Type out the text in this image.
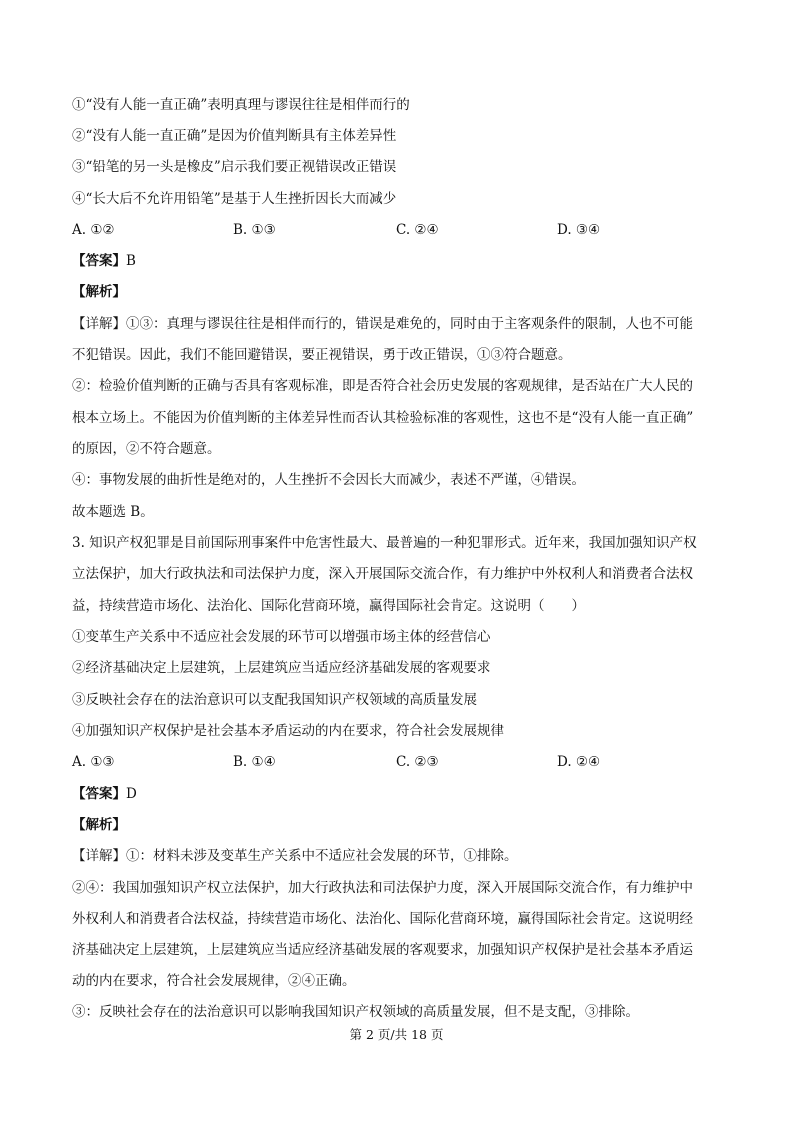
①“没有人能一直正确”表明真理与谬误往往是相伴而行的
②“没有人能一直正确”是因为价值判断具有主体差异性
③“铅笔的另一头是橡皮”启示我们要正视错误改正错误
④“长大后不允许用铅笔”是基于人生挫折因长大而减少
A. ①②	B. ①③	C. ②④	D. ③④
【答案】B
【解析】
【详解】①③：真理与谬误往往是相伴而行的，错误是难免的，同时由于主客观条件的限制，人也不可能
不犯错误。因此，我们不能回避错误，要正视错误，勇于改正错误，①③符合题意。
②：检验价值判断的正确与否具有客观标准，即是否符合社会历史发展的客观规律，是否站在广大人民的
根本立场上。不能因为价值判断的主体差异性而否认其检验标准的客观性，这也不是“没有人能一直正确”
的原因，②不符合题意。
④：事物发展的曲折性是绝对的，人生挫折不会因长大而减少，表述不严谨，④错误。
故本题选 B。
3. 知识产权犯罪是目前国际刑事案件中危害性最大、最普遍的一种犯罪形式。近年来，我国加强知识产权
立法保护，加大行政执法和司法保护力度，深入开展国际交流合作，有力维护中外权利人和消费者合法权
益，持续营造市场化、法治化、国际化营商环境，赢得国际社会肯定。这说明（　　）
①变革生产关系中不适应社会发展的环节可以增强市场主体的经营信心
②经济基础决定上层建筑，上层建筑应当适应经济基础发展的客观要求
③反映社会存在的法治意识可以支配我国知识产权领域的高质量发展
④加强知识产权保护是社会基本矛盾运动的内在要求，符合社会发展规律
A. ①③	B. ①④	C. ②③	D. ②④
【答案】D
【解析】
【详解】①：材料未涉及变革生产关系中不适应社会发展的环节，①排除。
②④：我国加强知识产权立法保护，加大行政执法和司法保护力度，深入开展国际交流合作，有力维护中
外权利人和消费者合法权益，持续营造市场化、法治化、国际化营商环境，赢得国际社会肯定。这说明经
济基础决定上层建筑，上层建筑应当适应经济基础发展的客观要求，加强知识产权保护是社会基本矛盾运
动的内在要求，符合社会发展规律，②④正确。
③：反映社会存在的法治意识可以影响我国知识产权领域的高质量发展，但不是支配，③排除。
第 2 页/共 18 页
